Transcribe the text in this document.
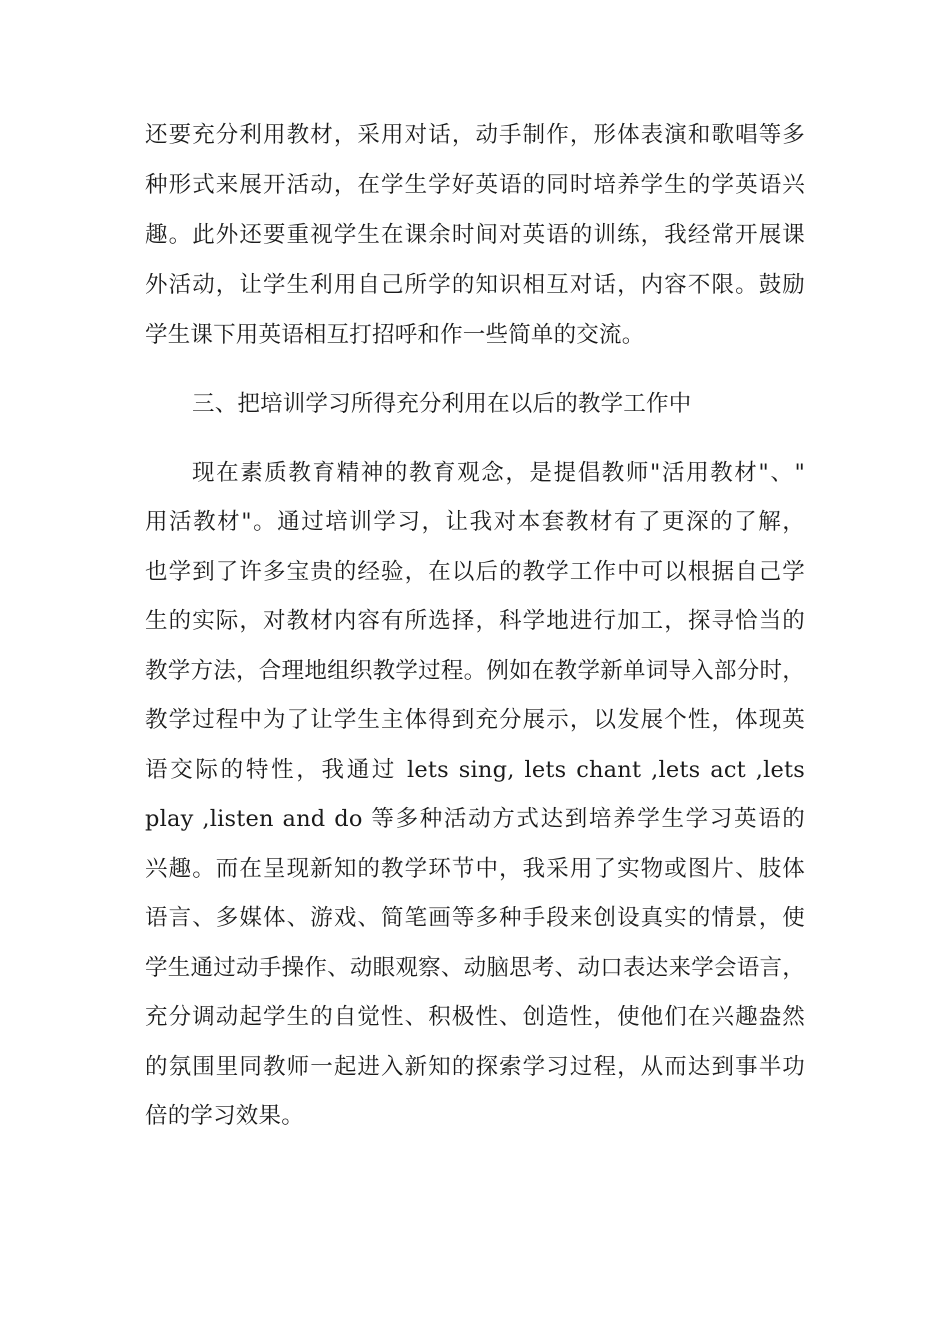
还要充分利用教材，采用对话，动手制作，形体表演和歌唱等多
种形式来展开活动，在学生学好英语的同时培养学生的学英语兴
趣。此外还要重视学生在课余时间对英语的训练，我经常开展课
外活动，让学生利用自己所学的知识相互对话，内容不限。鼓励
学生课下用英语相互打招呼和作一些简单的交流。
三、把培训学习所得充分利用在以后的教学工作中
现在素质教育精神的教育观念，是提倡教师"活用教材"、"
用活教材"。通过培训学习，让我对本套教材有了更深的了解，
也学到了许多宝贵的经验，在以后的教学工作中可以根据自己学
生的实际，对教材内容有所选择，科学地进行加工，探寻恰当的
教学方法，合理地组织教学过程。例如在教学新单词导入部分时，
教学过程中为了让学生主体得到充分展示，以发展个性，体现英
语交际的特性，我通过 lets sing, lets chant ,lets act ,lets
play ,listen and do 等多种活动方式达到培养学生学习英语的
兴趣。而在呈现新知的教学环节中，我采用了实物或图片、肢体
语言、多媒体、游戏、简笔画等多种手段来创设真实的情景，使
学生通过动手操作、动眼观察、动脑思考、动口表达来学会语言，
充分调动起学生的自觉性、积极性、创造性，使他们在兴趣盎然
的氛围里同教师一起进入新知的探索学习过程，从而达到事半功
倍的学习效果。
